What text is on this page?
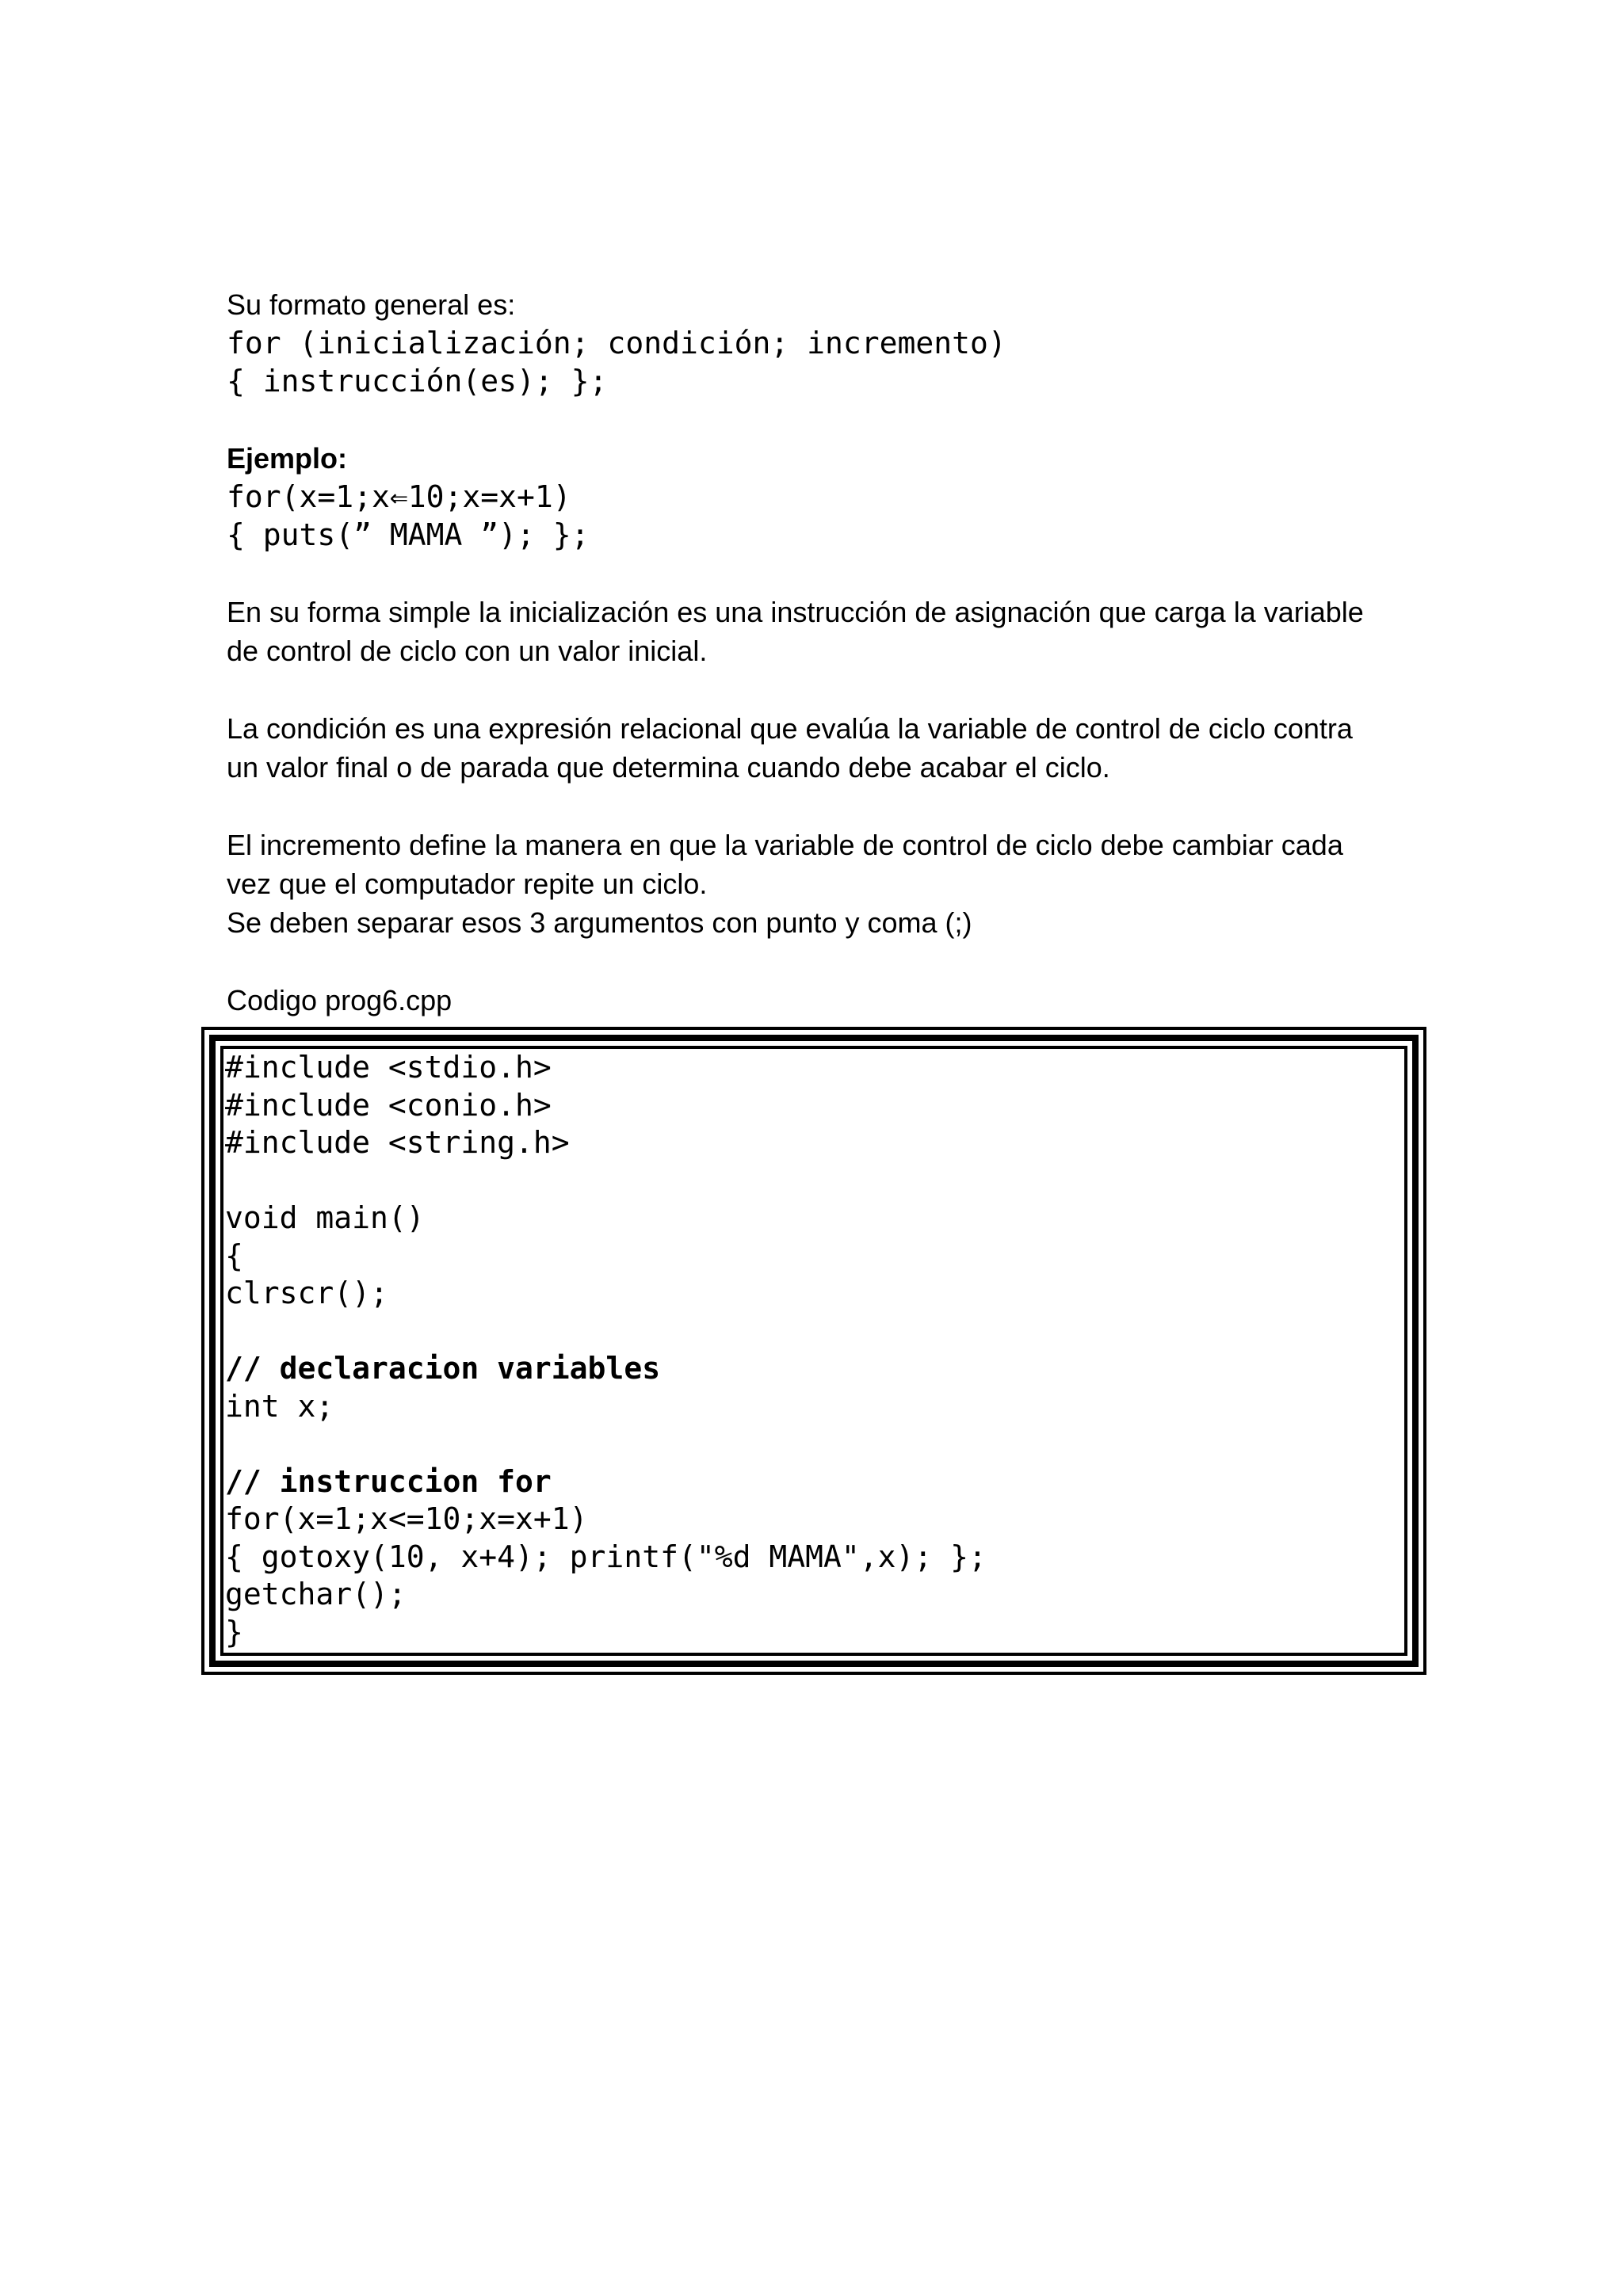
Su formato general es:

for (inicialización; condición; incremento)

{ instrucción(es); };

Ejemplo:

for(x=1;x⇐10;x=x+1)

{ puts(” MAMA ”); };

En su forma simple la inicialización es una instrucción de asignación que carga la variable

de control de ciclo con un valor inicial.

La condición es una expresión relacional que evalúa la variable de control de ciclo contra

un valor final o de parada que determina cuando debe acabar el ciclo.

El incremento define la manera en que la variable de control de ciclo debe cambiar cada

vez que el computador repite un ciclo.

Se deben separar esos 3 argumentos con punto y coma (;)

Codigo prog6.cpp

#include <stdio.h>
#include <conio.h>
#include <string.h>
void main()
{
clrscr();
// declaracion variables
int x;
// instruccion for
for(x=1;x<=10;x=x+1)
{ gotoxy(10, x+4); printf("%d MAMA",x); };
getchar();
}
